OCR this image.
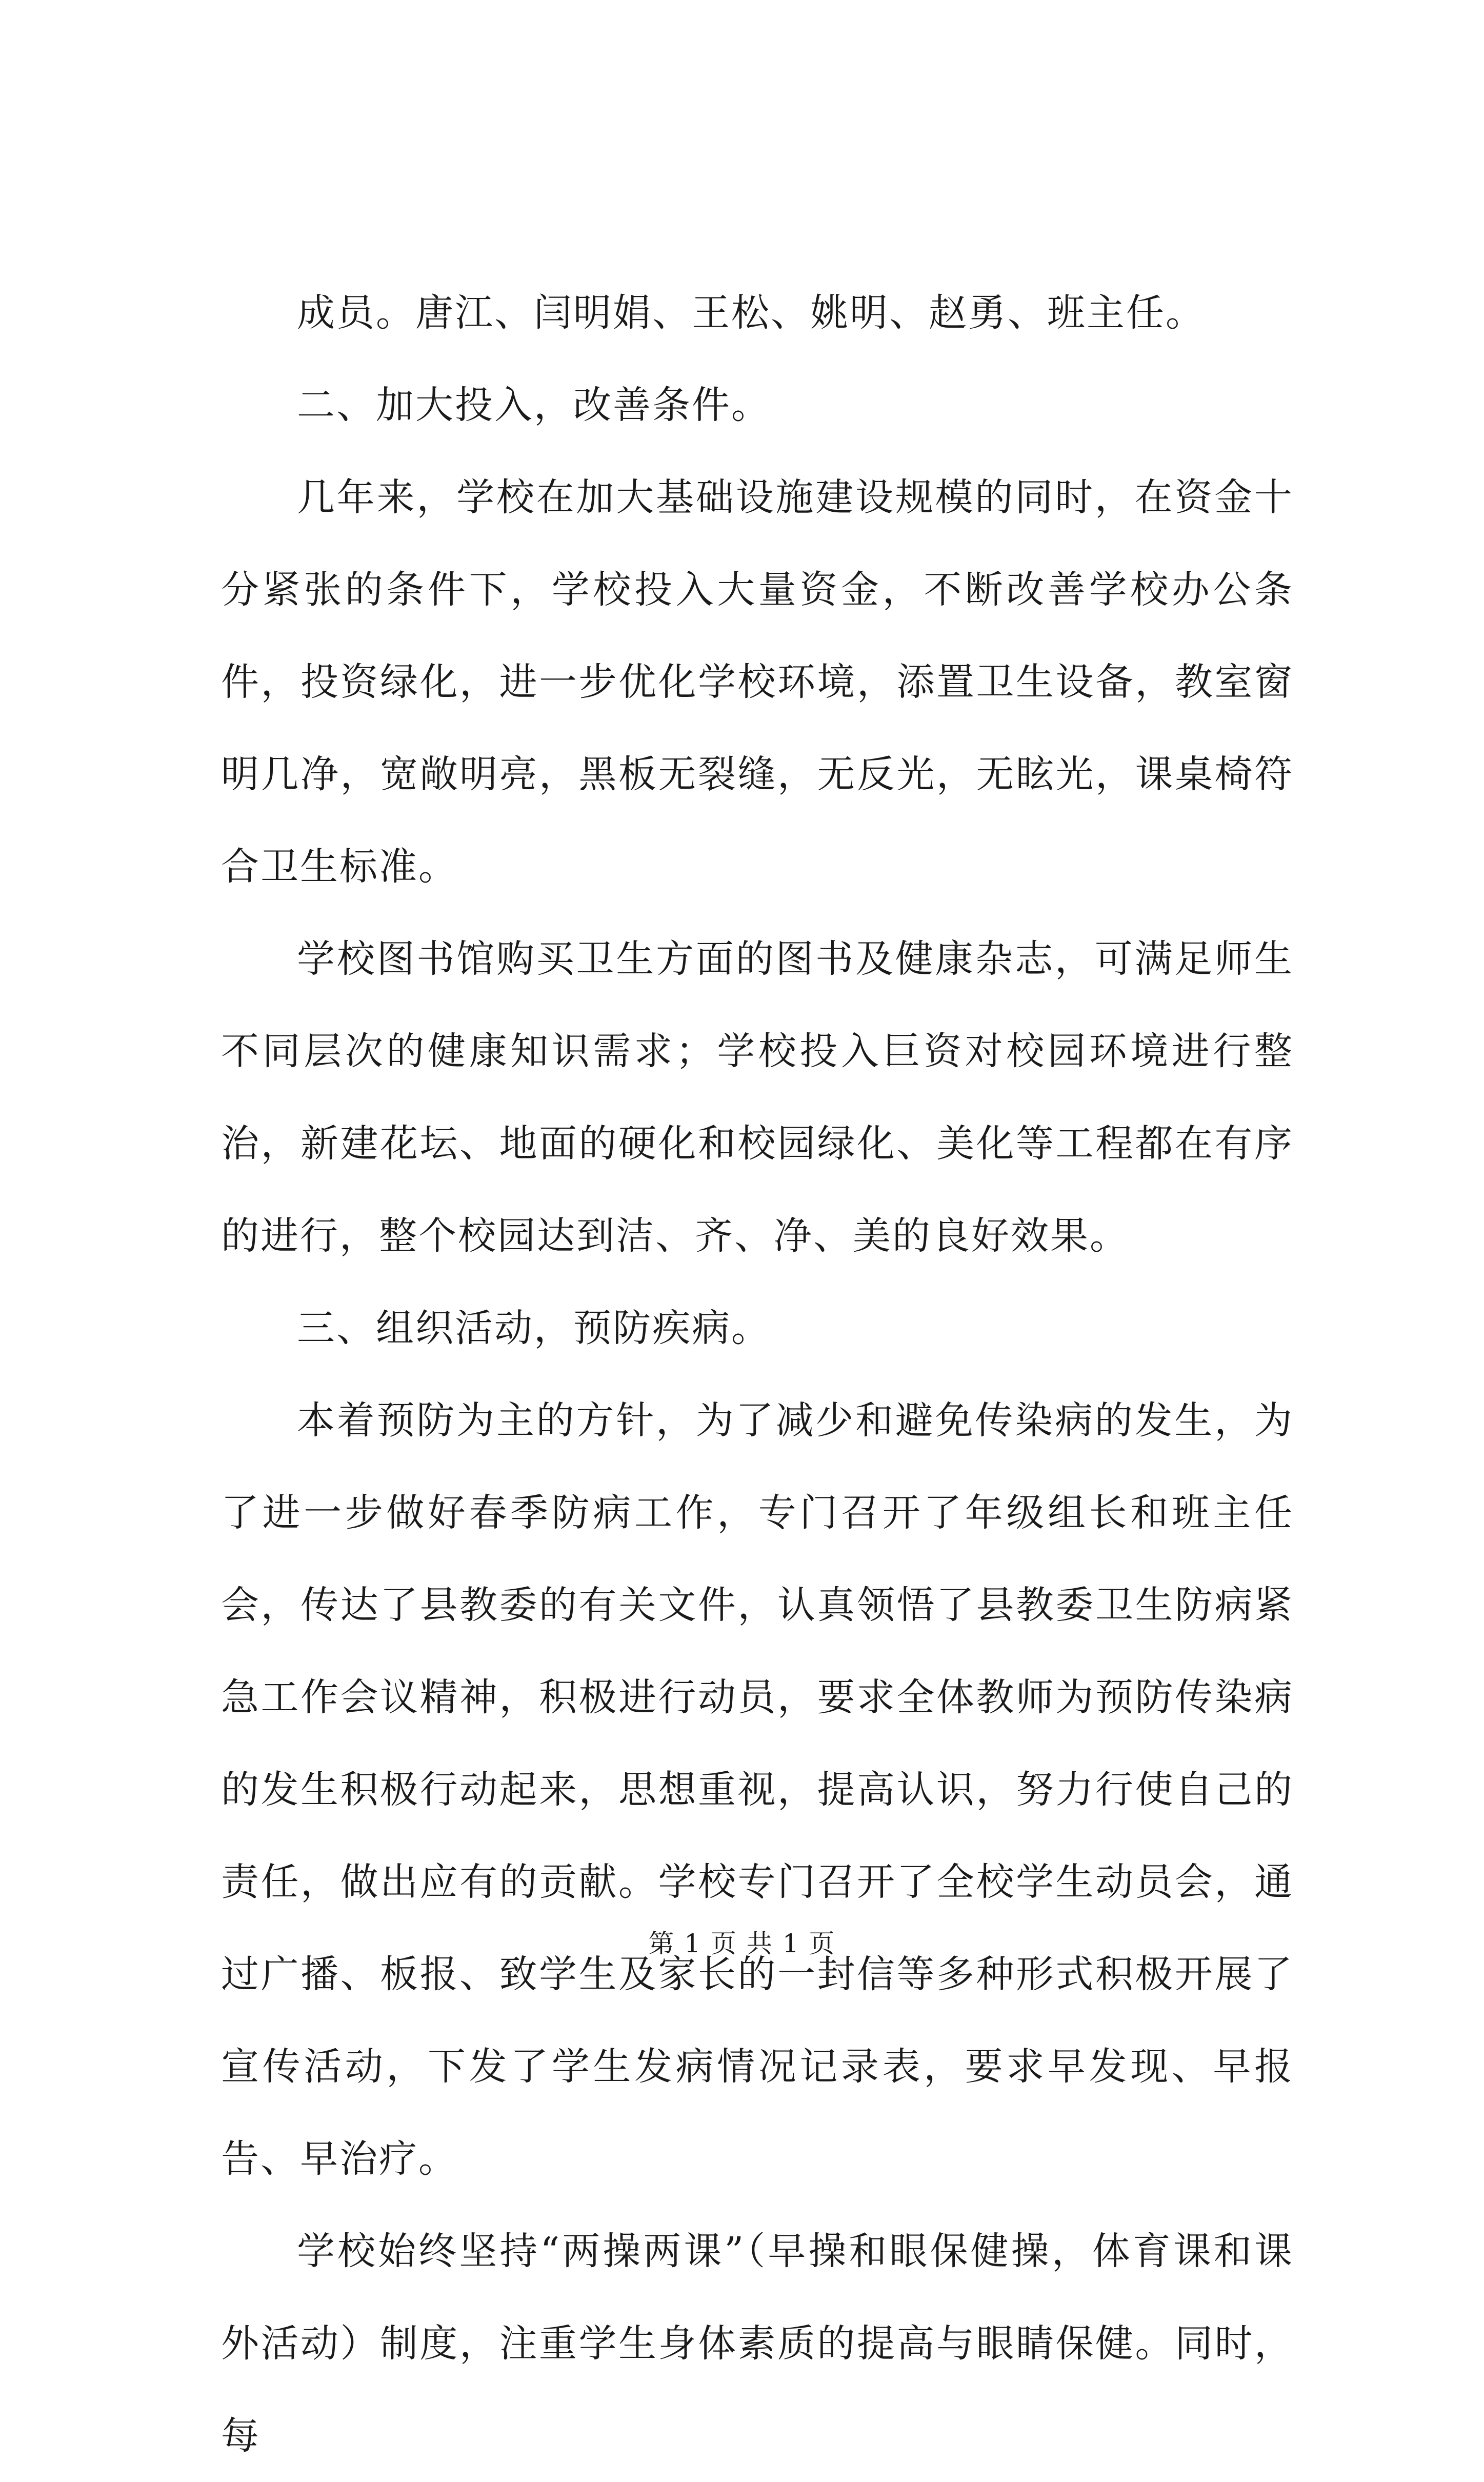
成员。唐江、闫明娟、王松、姚明、赵勇、班主任。

二、加大投入，改善条件。

几年来，学校在加大基础设施建设规模的同时，在资金十分紧张的条件下，学校投入大量资金，不断改善学校办公条件，投资绿化，进一步优化学校环境，添置卫生设备，教室窗明几净，宽敞明亮，黑板无裂缝，无反光，无眩光，课桌椅符合卫生标准。

学校图书馆购买卫生方面的图书及健康杂志，可满足师生不同层次的健康知识需求；学校投入巨资对校园环境进行整治，新建花坛、地面的硬化和校园绿化、美化等工程都在有序的进行，整个校园达到洁、齐、净、美的良好效果。

三、组织活动，预防疾病。

本着预防为主的方针，为了减少和避免传染病的发生，为了进一步做好春季防病工作，专门召开了年级组长和班主任会，传达了县教委的有关文件，认真领悟了县教委卫生防病紧急工作会议精神，积极进行动员，要求全体教师为预防传染病的发生积极行动起来，思想重视，提高认识，努力行使自己的责任，做出应有的贡献。学校专门召开了全校学生动员会，通过广播、板报、致学生及家长的一封信等多种形式积极开展了宣传活动，下发了学生发病情况记录表，要求早发现、早报告、早治疗。

学校始终坚持“两操两课”（早操和眼保健操，体育课和课外活动）制度，注重学生身体素质的提高与眼睛保健。同时，每

第 1 页 共 1 页
